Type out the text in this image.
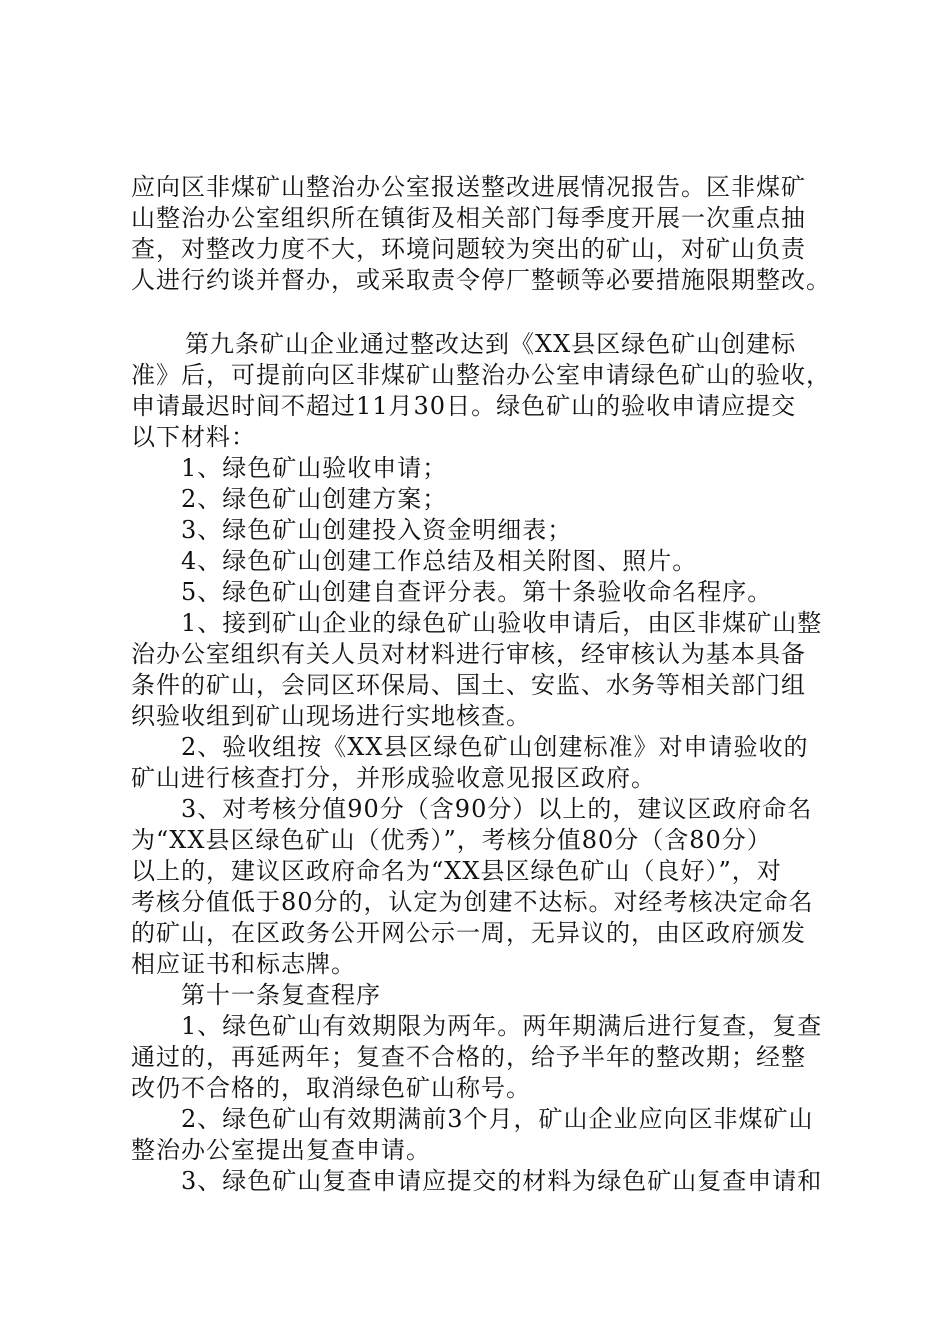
应向区非煤矿山整治办公室报送整改进展情况报告。区非煤矿
山整治办公室组织所在镇街及相关部门每季度开展一次重点抽
查，对整改力度不大，环境问题较为突出的矿山，对矿山负责
人进行约谈并督办，或采取责令停厂整顿等必要措施限期整改。
第九条矿山企业通过整改达到《XX县区绿色矿山创建标
准》后，可提前向区非煤矿山整治办公室申请绿色矿山的验收，
申请最迟时间不超过11月30日。绿色矿山的验收申请应提交
以下材料：
1、绿色矿山验收申请；
2、绿色矿山创建方案；
3、绿色矿山创建投入资金明细表；
4、绿色矿山创建工作总结及相关附图、照片。
5、绿色矿山创建自查评分表。第十条验收命名程序。
1、接到矿山企业的绿色矿山验收申请后，由区非煤矿山整
治办公室组织有关人员对材料进行审核，经审核认为基本具备
条件的矿山，会同区环保局、国土、安监、水务等相关部门组
织验收组到矿山现场进行实地核查。
2、验收组按《XX县区绿色矿山创建标准》对申请验收的
矿山进行核查打分，并形成验收意见报区政府。
3、对考核分值90分（含90分）以上的，建议区政府命名
为“XX县区绿色矿山（优秀）”，考核分值80分（含80分）
以上的，建议区政府命名为“XX县区绿色矿山（良好）”，对
考核分值低于80分的，认定为创建不达标。对经考核决定命名
的矿山，在区政务公开网公示一周，无异议的，由区政府颁发
相应证书和标志牌。
第十一条复查程序
1、绿色矿山有效期限为两年。两年期满后进行复查，复查
通过的，再延两年；复查不合格的，给予半年的整改期；经整
改仍不合格的，取消绿色矿山称号。
2、绿色矿山有效期满前3个月，矿山企业应向区非煤矿山
整治办公室提出复查申请。
3、绿色矿山复查申请应提交的材料为绿色矿山复查申请和
